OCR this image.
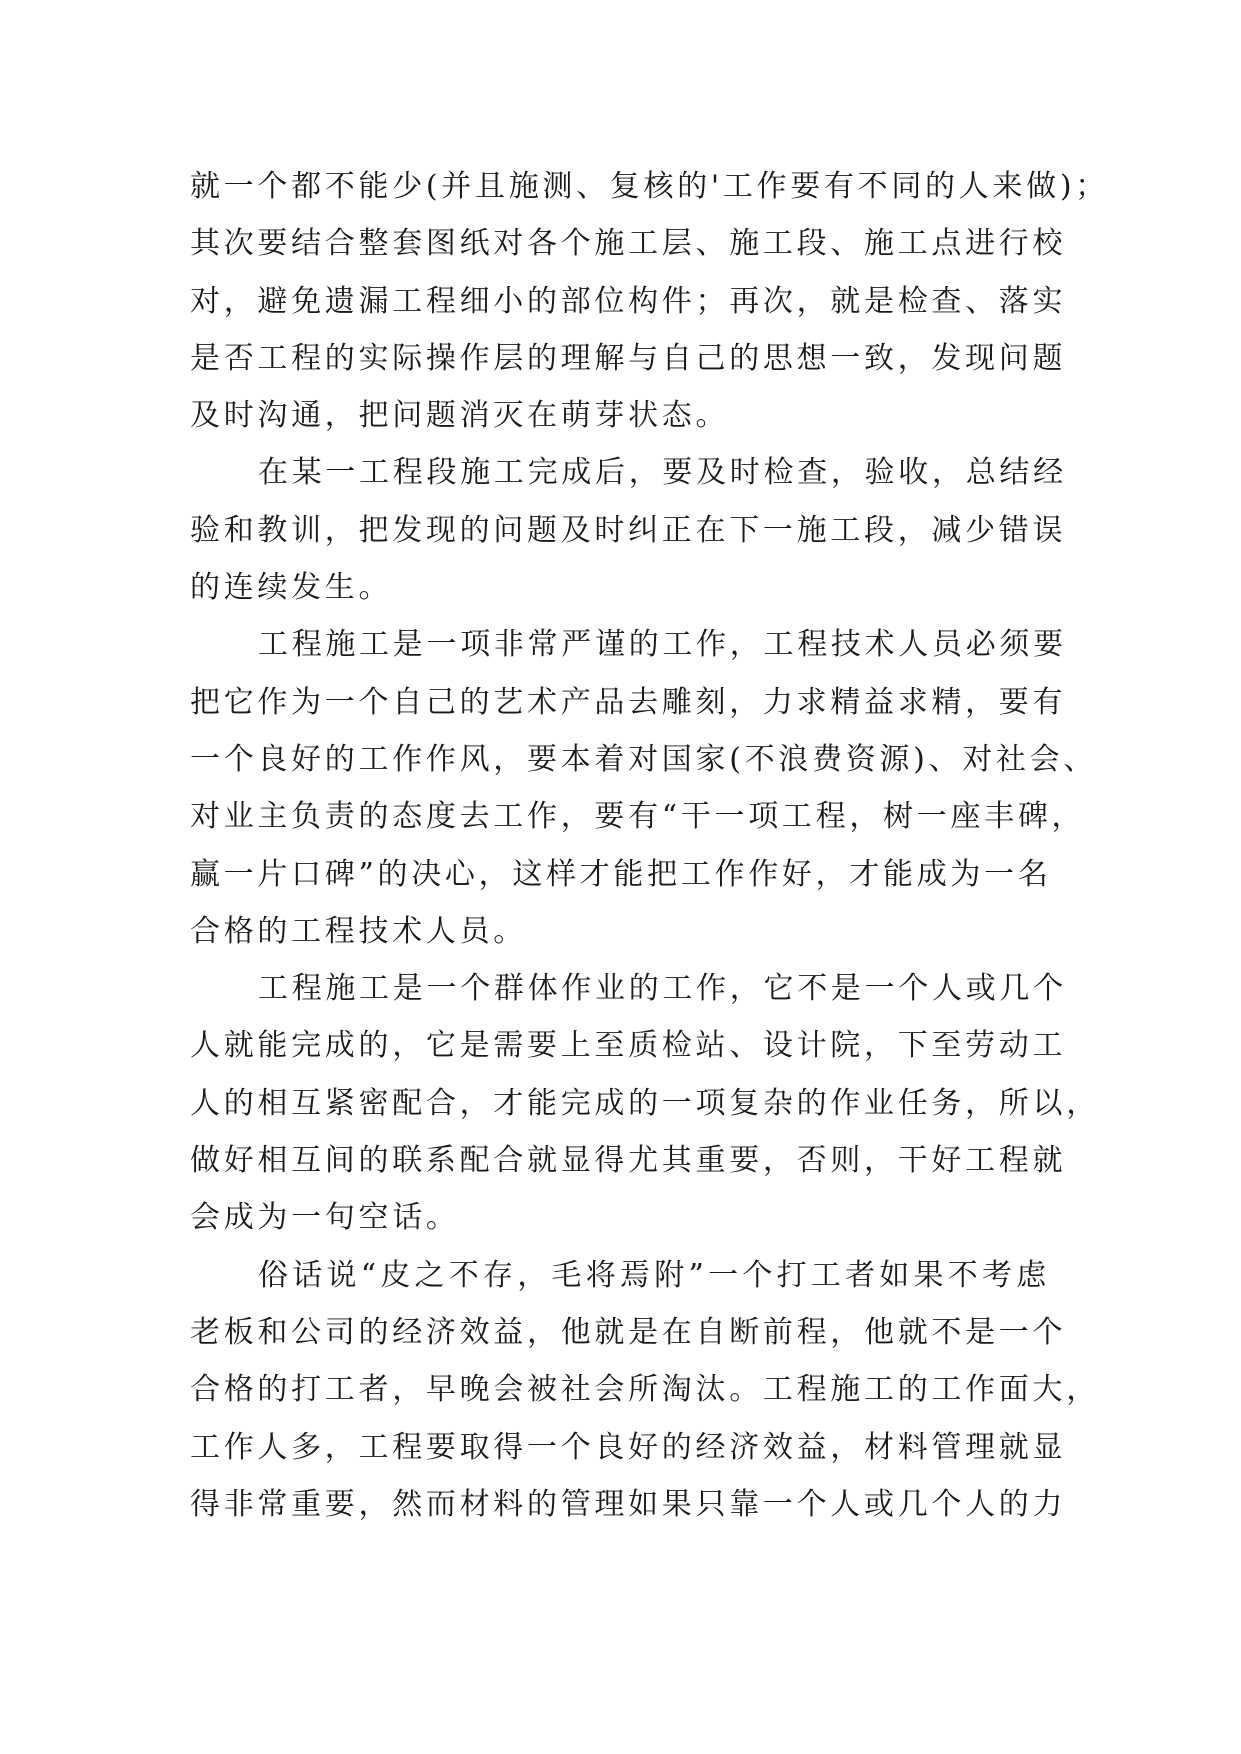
就一个都不能少(并且施测、复核的'工作要有不同的人来做)；
其次要结合整套图纸对各个施工层、施工段、施工点进行校
对，避免遗漏工程细小的部位构件；再次，就是检查、落实
是否工程的实际操作层的理解与自己的思想一致，发现问题
及时沟通，把问题消灭在萌芽状态。
在某一工程段施工完成后，要及时检查，验收，总结经
验和教训，把发现的问题及时纠正在下一施工段，减少错误
的连续发生。
工程施工是一项非常严谨的工作，工程技术人员必须要
把它作为一个自己的艺术产品去雕刻，力求精益求精，要有
一个良好的工作作风，要本着对国家(不浪费资源)、对社会、
对业主负责的态度去工作，要有“干一项工程，树一座丰碑，
赢一片口碑”的决心，这样才能把工作作好，才能成为一名
合格的工程技术人员。
工程施工是一个群体作业的工作，它不是一个人或几个
人就能完成的，它是需要上至质检站、设计院，下至劳动工
人的相互紧密配合，才能完成的一项复杂的作业任务，所以，
做好相互间的联系配合就显得尤其重要，否则，干好工程就
会成为一句空话。
俗话说“皮之不存，毛将焉附”一个打工者如果不考虑
老板和公司的经济效益，他就是在自断前程，他就不是一个
合格的打工者，早晚会被社会所淘汰。工程施工的工作面大，
工作人多，工程要取得一个良好的经济效益，材料管理就显
得非常重要，然而材料的管理如果只靠一个人或几个人的力
